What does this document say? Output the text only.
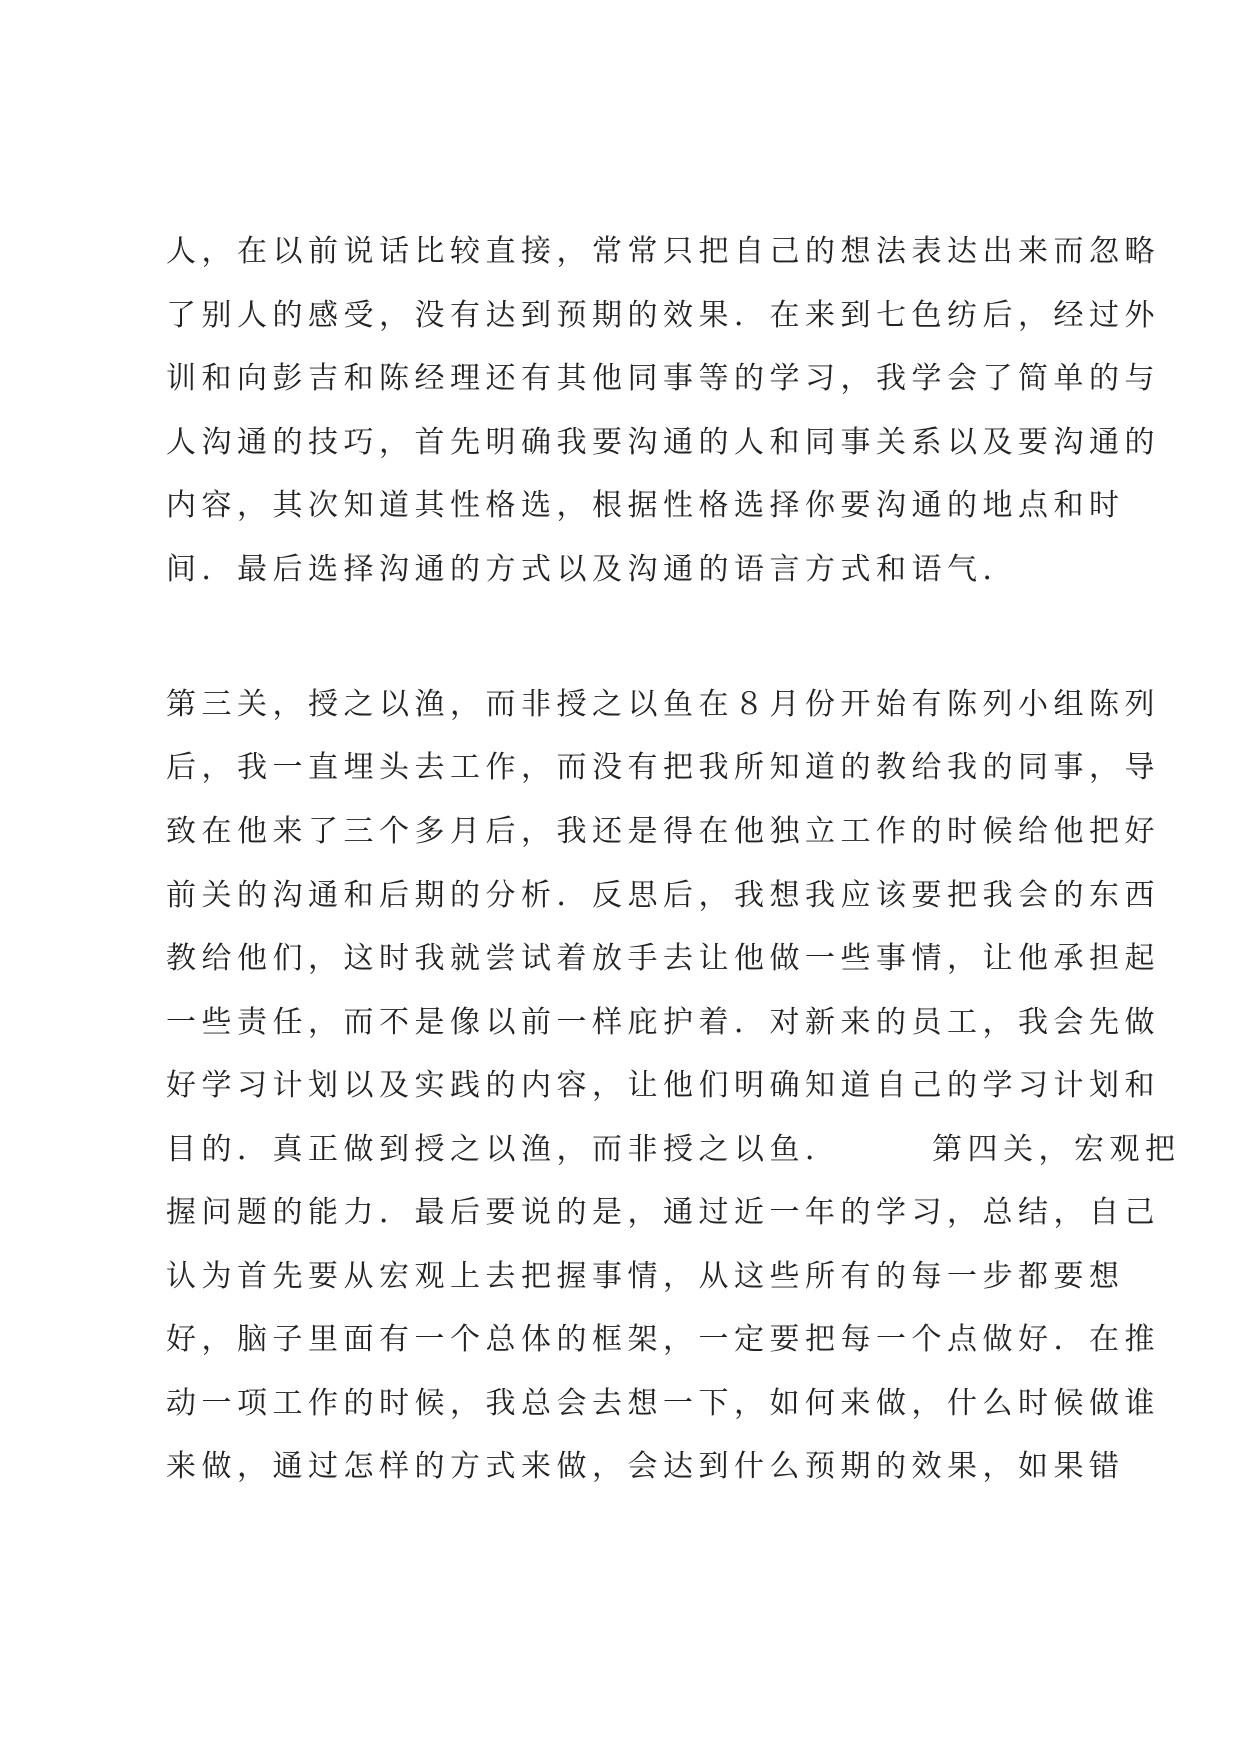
人，在以前说话比较直接，常常只把自己的想法表达出来而忽略
了别人的感受，没有达到预期的效果．在来到七色纺后，经过外
训和向彭吉和陈经理还有其他同事等的学习，我学会了简单的与
人沟通的技巧，首先明确我要沟通的人和同事关系以及要沟通的
内容，其次知道其性格选，根据性格选择你要沟通的地点和时
间．最后选择沟通的方式以及沟通的语言方式和语气．
第三关，授之以渔，而非授之以鱼在８月份开始有陈列小组陈列
后，我一直埋头去工作，而没有把我所知道的教给我的同事，导
致在他来了三个多月后，我还是得在他独立工作的时候给他把好
前关的沟通和后期的分析．反思后，我想我应该要把我会的东西
教给他们，这时我就尝试着放手去让他做一些事情，让他承担起
一些责任，而不是像以前一样庇护着．对新来的员工，我会先做
好学习计划以及实践的内容，让他们明确知道自己的学习计划和
目的．真正做到授之以渔，而非授之以鱼．　　　第四关，宏观把
握问题的能力．最后要说的是，通过近一年的学习，总结，自己
认为首先要从宏观上去把握事情，从这些所有的每一步都要想
好，脑子里面有一个总体的框架，一定要把每一个点做好．在推
动一项工作的时候，我总会去想一下，如何来做，什么时候做谁
来做，通过怎样的方式来做，会达到什么预期的效果，如果错
